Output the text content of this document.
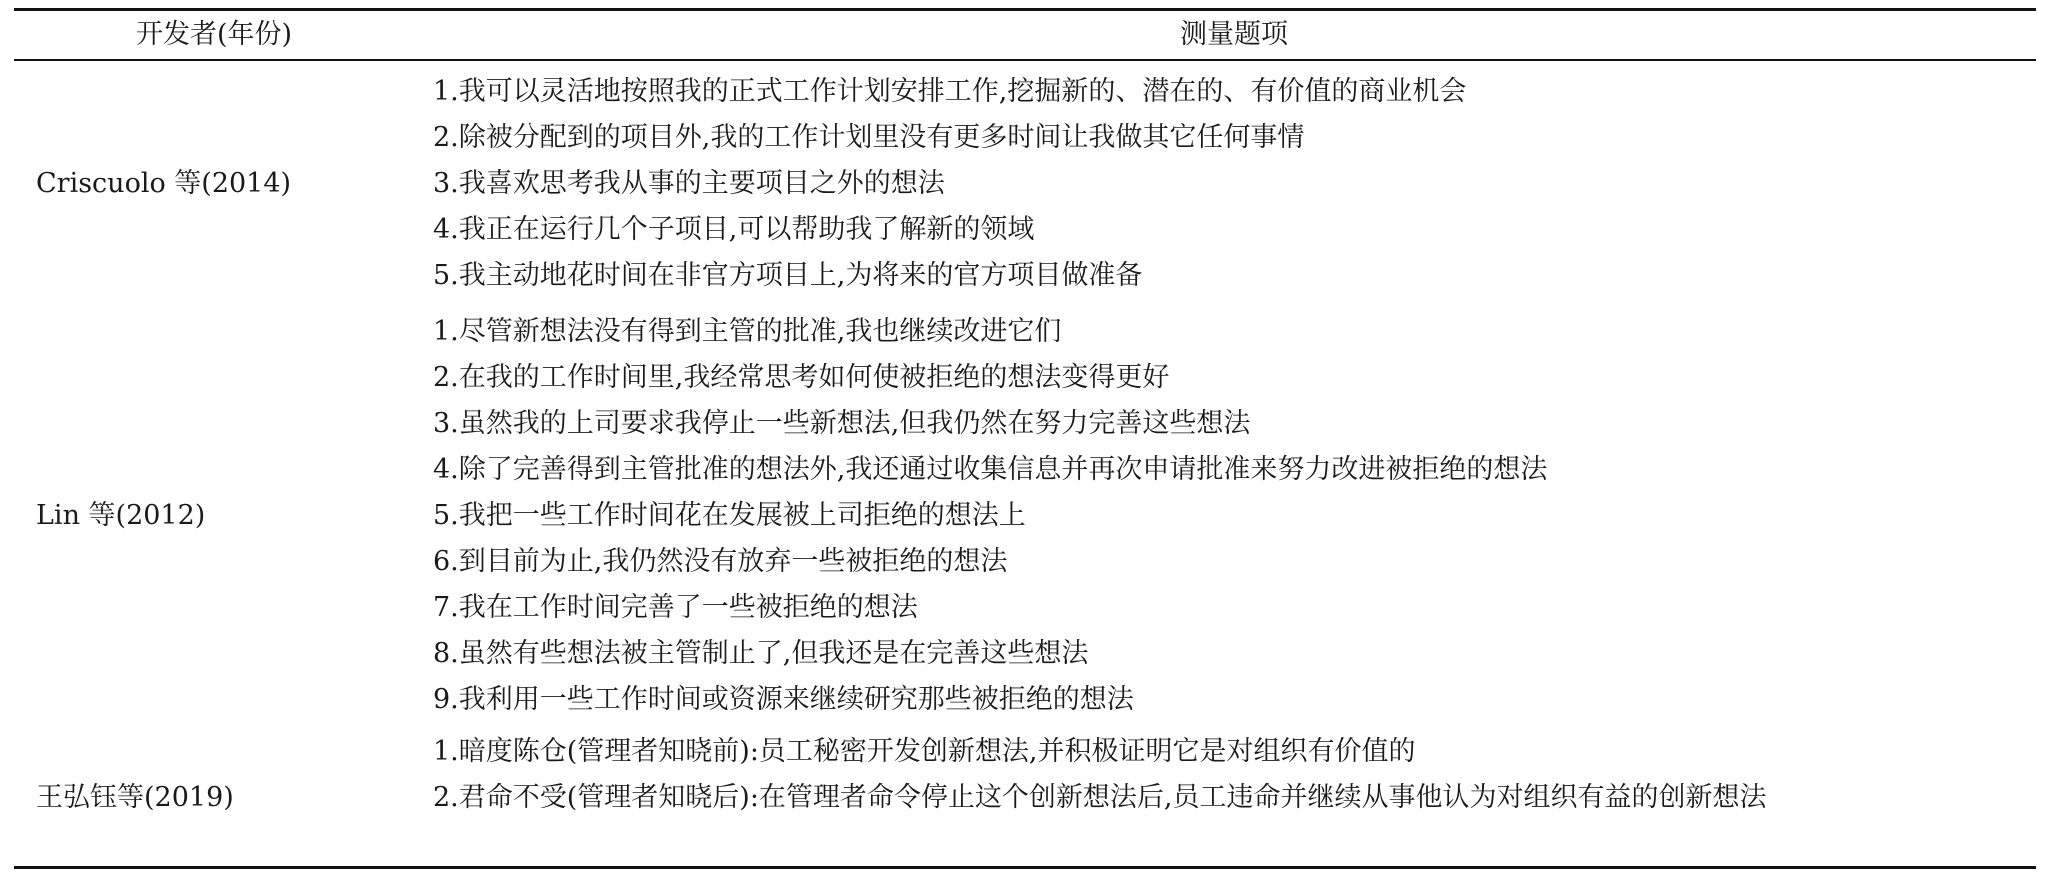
开发者(年份)	测量题项
Criscuolo 等(2014)
1.我可以灵活地按照我的正式工作计划安排工作,挖掘新的、潜在的、有价值的商业机会
2.除被分配到的项目外,我的工作计划里没有更多时间让我做其它任何事情
3.我喜欢思考我从事的主要项目之外的想法
4.我正在运行几个子项目,可以帮助我了解新的领域
5.我主动地花时间在非官方项目上,为将来的官方项目做准备
Lin 等(2012)
1.尽管新想法没有得到主管的批准,我也继续改进它们
2.在我的工作时间里,我经常思考如何使被拒绝的想法变得更好
3.虽然我的上司要求我停止一些新想法,但我仍然在努力完善这些想法
4.除了完善得到主管批准的想法外,我还通过收集信息并再次申请批准来努力改进被拒绝的想法
5.我把一些工作时间花在发展被上司拒绝的想法上
6.到目前为止,我仍然没有放弃一些被拒绝的想法
7.我在工作时间完善了一些被拒绝的想法
8.虽然有些想法被主管制止了,但我还是在完善这些想法
9.我利用一些工作时间或资源来继续研究那些被拒绝的想法
王弘钰等(2019)
1.暗度陈仓(管理者知晓前):员工秘密开发创新想法,并积极证明它是对组织有价值的
2.君命不受(管理者知晓后):在管理者命令停止这个创新想法后,员工违命并继续从事他认为对组织有益的创新想法
